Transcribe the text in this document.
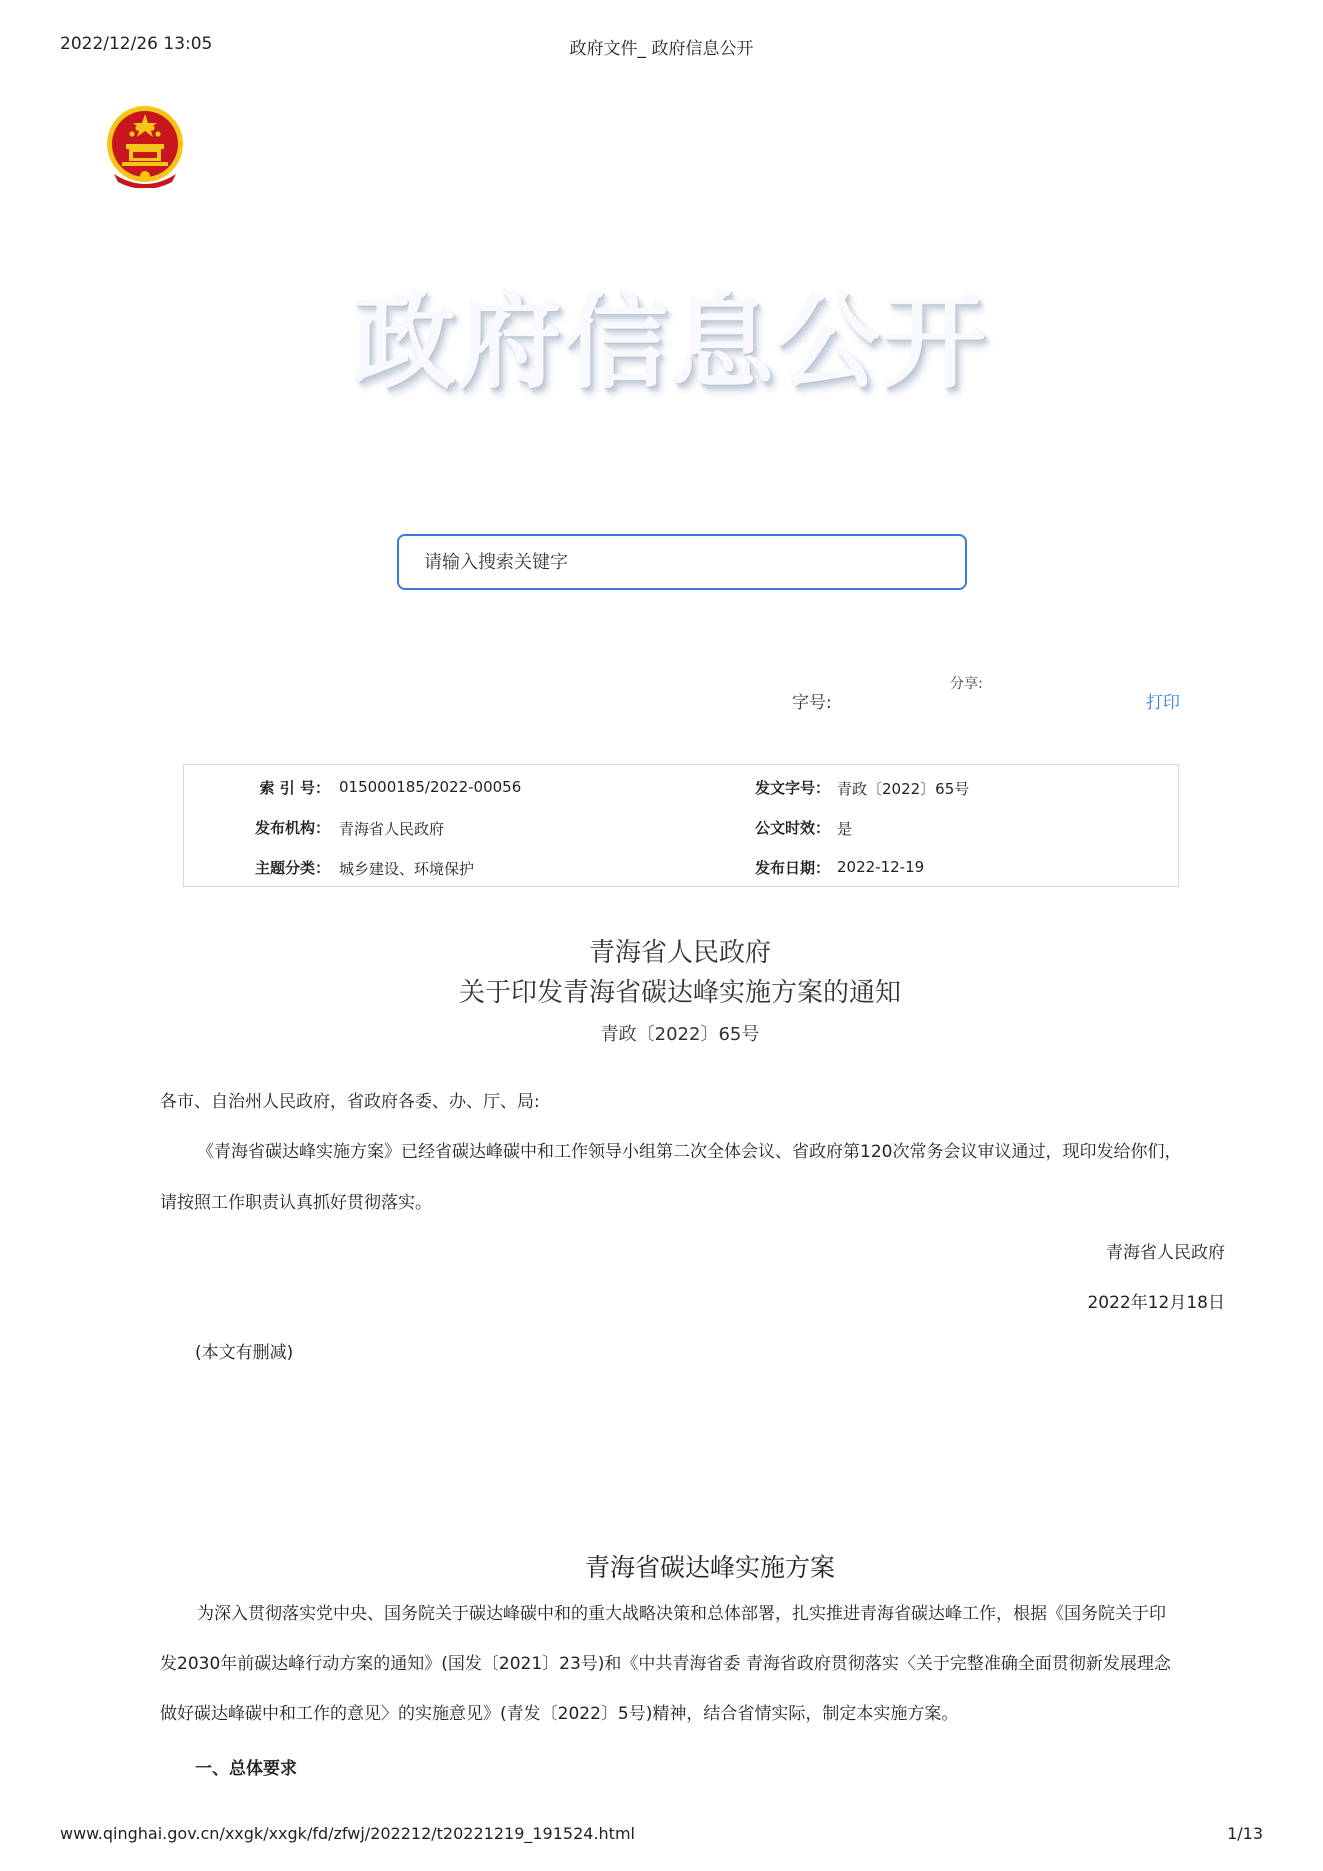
2022/12/26 13:05	政府文件_ 政府信息公开
政府信息公开
请输入搜索关键字
字号:
分享:
打印
索 引 号： 015000185/2022-00056	发文字号： 青政〔2022〕65号
发布机构： 青海省人民政府	公文时效： 是
主题分类： 城乡建设、环境保护	发布日期： 2022-12-19
青海省人民政府
关于印发青海省碳达峰实施方案的通知
青政〔2022〕65号
各市、自治州人民政府，省政府各委、办、厅、局:
《青海省碳达峰实施方案》已经省碳达峰碳中和工作领导小组第二次全体会议、省政府第120次常务会议审议通过，现印发给你们，
请按照工作职责认真抓好贯彻落实。
青海省人民政府
2022年12月18日
(本文有删减)
青海省碳达峰实施方案
为深入贯彻落实党中央、国务院关于碳达峰碳中和的重大战略决策和总体部署，扎实推进青海省碳达峰工作，根据《国务院关于印
发2030年前碳达峰行动方案的通知》(国发〔2021〕23号)和《中共青海省委 青海省政府贯彻落实〈关于完整准确全面贯彻新发展理念
做好碳达峰碳中和工作的意见〉的实施意见》(青发〔2022〕5号)精神，结合省情实际，制定本实施方案。
一、总体要求
www.qinghai.gov.cn/xxgk/xxgk/fd/zfwj/202212/t20221219_191524.html	1/13
